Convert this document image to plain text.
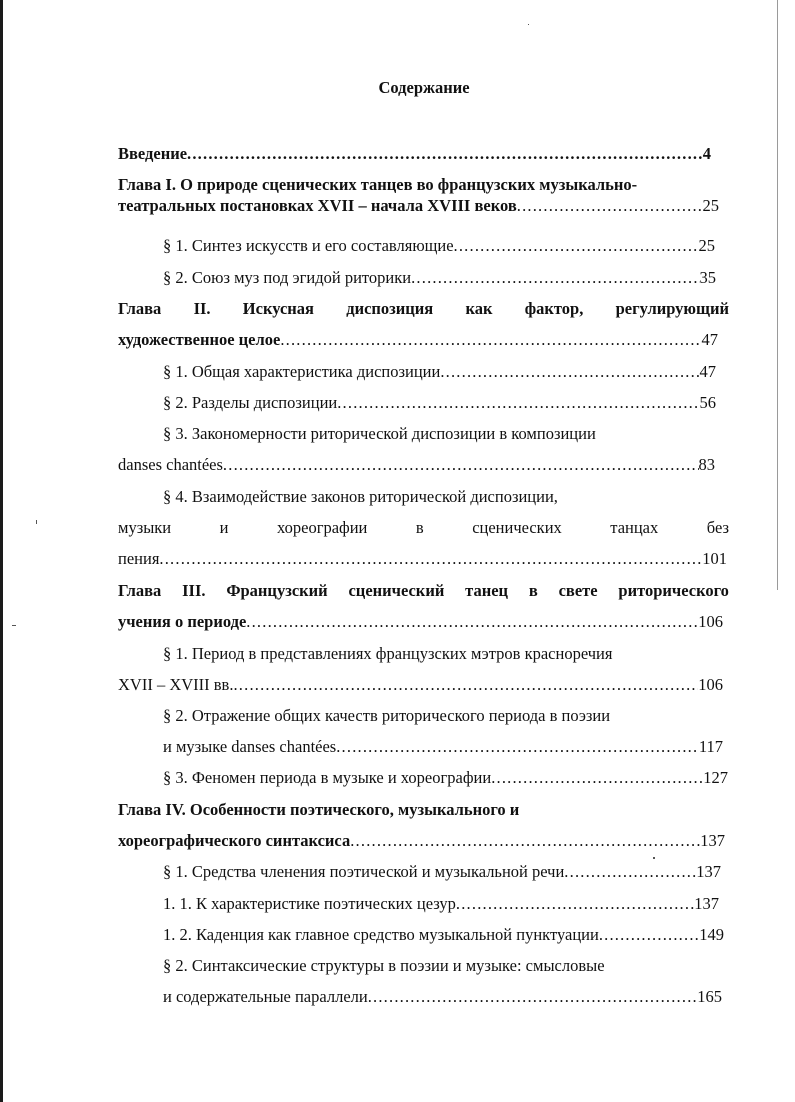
Содержание
Введение .....	4
Глава I. О природе сценических танцев во французских музыкально-
театральных постановках XVII – начала XVIII веков .....	25
§ 1. Синтез искусств и его составляющие .....	25
§ 2. Союз муз под эгидой риторики .....	35
Глава II. Искусная диспозиция как фактор, регулирующий
художественное целое .....	47
§ 1. Общая характеристика диспозиции .....	47
§ 2. Разделы диспозиции .....	56
§ 3. Закономерности риторической диспозиции в композиции
danses chantées .....	83
§ 4. Взаимодействие законов риторической диспозиции,
музыки	и	хореографии	в	сценических	танцах	без
пения .....	101
Глава III. Французский сценический танец в свете риторического
учения о периоде .....	106
§ 1. Период в представлениях французских мэтров красноречия
XVII – XVIII вв. .....	106
§ 2. Отражение общих качеств риторического периода в поэзии
и музыке danses chantées .....	117
§ 3. Феномен периода в музыке и хореографии .....	127
Глава IV. Особенности поэтического, музыкального и
хореографического синтаксиса .....	137
§ 1. Средства членения поэтической и музыкальной речи .....	137
1. 1. К характеристике поэтических цезур .....	137
1. 2. Каденция как главное средство музыкальной пунктуации .....	149
§ 2. Синтаксические структуры в поэзии и музыке: смысловые
и содержательные параллели .....	165
